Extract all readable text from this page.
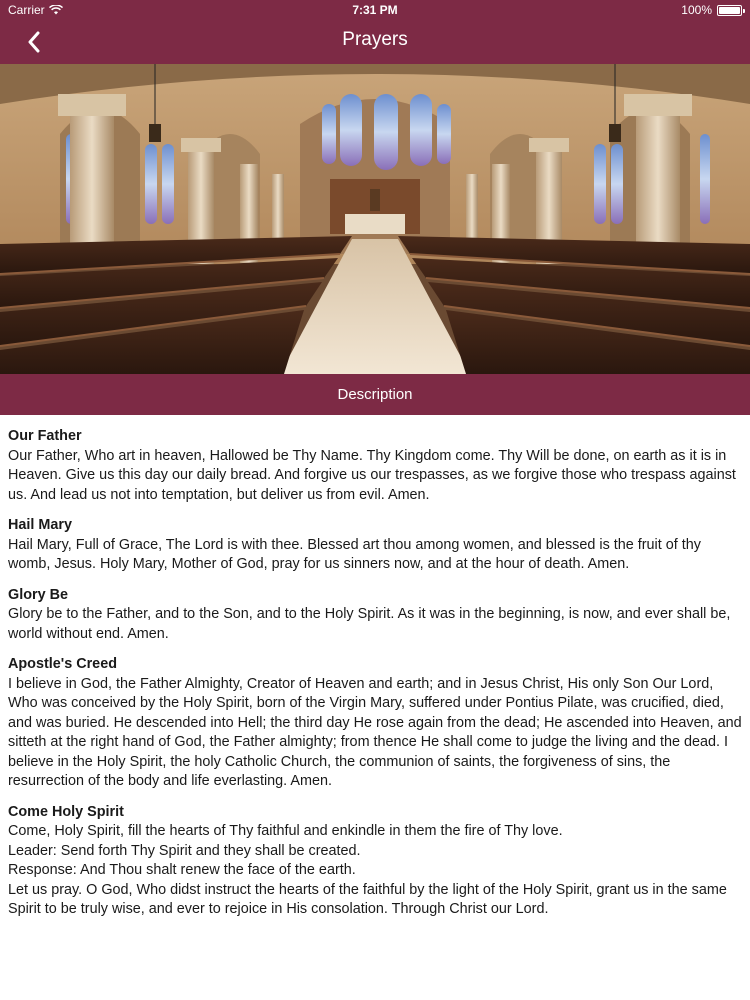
Carrier	7:31 PM	100%
Prayers
Description
Our Father
Our Father, Who art in heaven, Hallowed be Thy Name. Thy Kingdom come. Thy Will be done, on earth as it is in Heaven. Give us this day our daily bread. And forgive us our trespasses, as we forgive those who trespass against us. And lead us not into temptation, but deliver us from evil. Amen.
Hail Mary
Hail Mary, Full of Grace, The Lord is with thee. Blessed art thou among women, and blessed is the fruit of thy womb, Jesus. Holy Mary, Mother of God, pray for us sinners now, and at the hour of death. Amen.
Glory Be
Glory be to the Father, and to the Son, and to the Holy Spirit. As it was in the beginning, is now, and ever shall be, world without end. Amen.
Apostle's Creed
I believe in God, the Father Almighty, Creator of Heaven and earth; and in Jesus Christ, His only Son Our Lord, Who was conceived by the Holy Spirit, born of the Virgin Mary, suffered under Pontius Pilate, was crucified, died, and was buried. He descended into Hell; the third day He rose again from the dead; He ascended into Heaven, and sitteth at the right hand of God, the Father almighty; from thence He shall come to judge the living and the dead. I believe in the Holy Spirit, the holy Catholic Church, the communion of saints, the forgiveness of sins, the resurrection of the body and life everlasting. Amen.
Come Holy Spirit
Come, Holy Spirit, fill the hearts of Thy faithful and enkindle in them the fire of Thy love.
Leader: Send forth Thy Spirit and they shall be created.
Response: And Thou shalt renew the face of the earth.
Let us pray. O God, Who didst instruct the hearts of the faithful by the light of the Holy Spirit, grant us in the same Spirit to be truly wise, and ever to rejoice in His consolation. Through Christ our Lord.
